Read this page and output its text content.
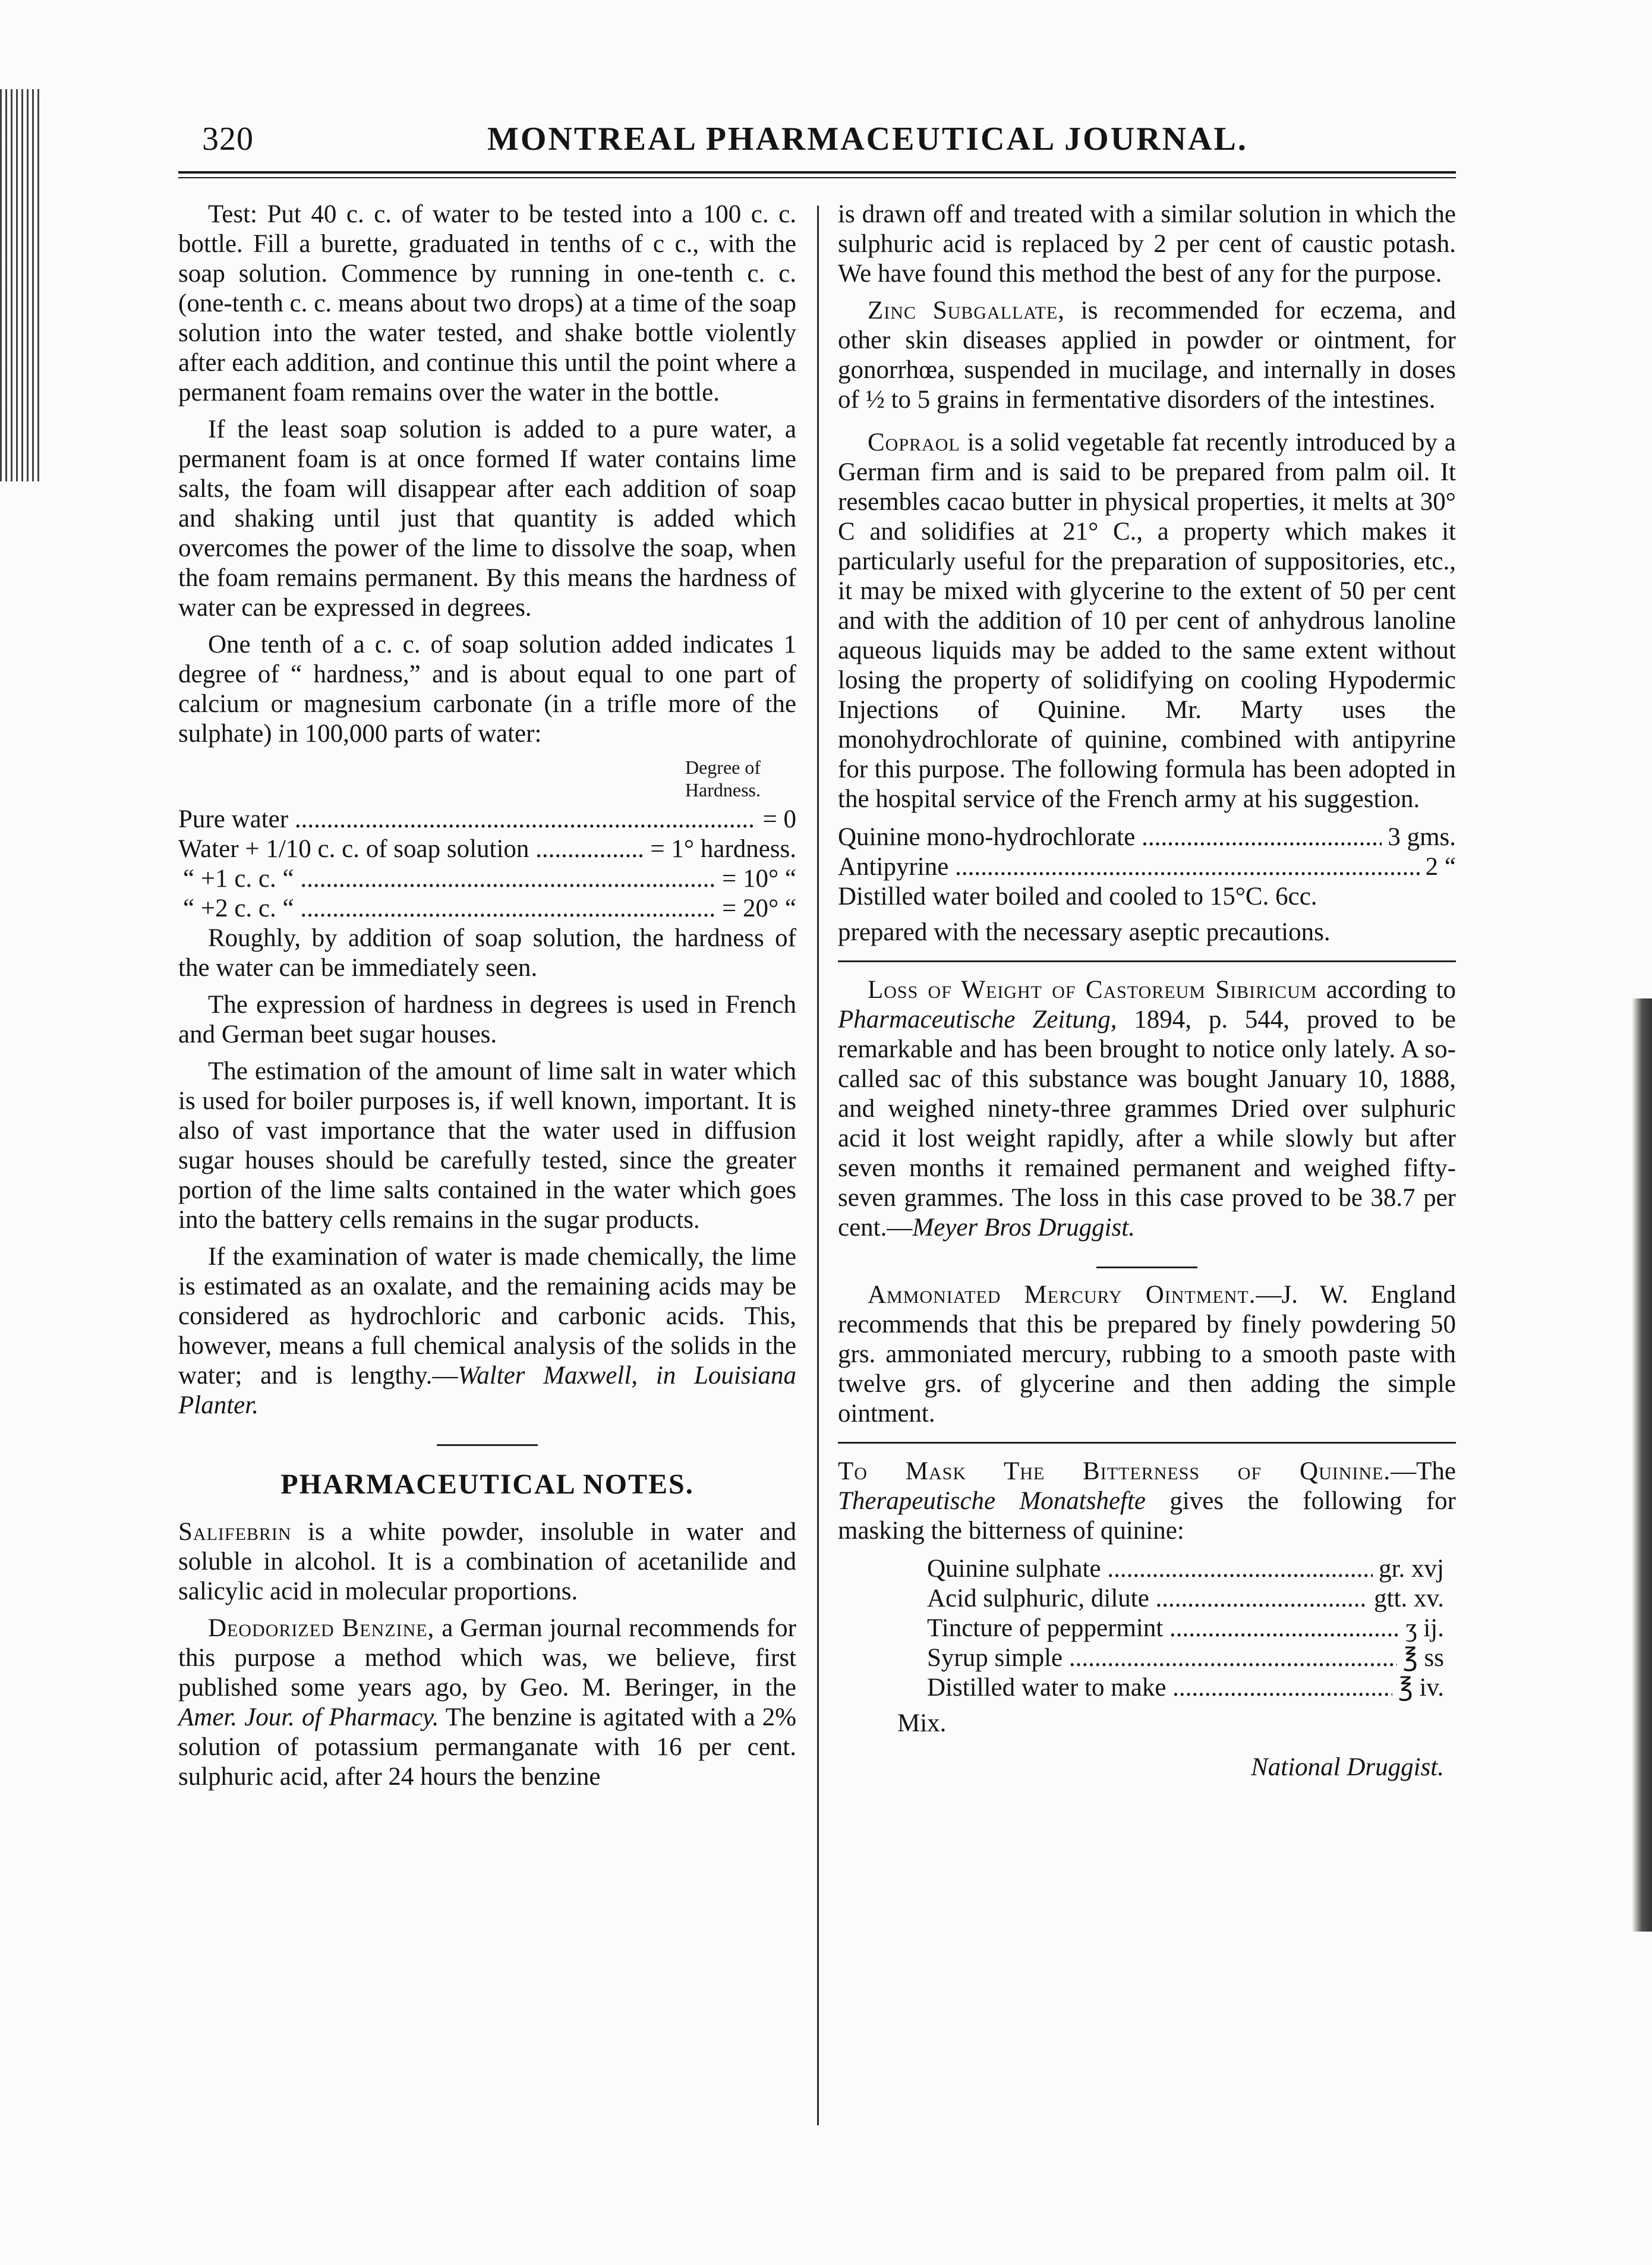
320	MONTREAL PHARMACEUTICAL JOURNAL.

Test: Put 40 c. c. of water to be tested into a 100 c. c. bottle. Fill a burette, graduated in tenths of c c., with the soap solution. Commence by running in one-tenth c. c. (one-tenth c. c. means about two drops) at a time of the soap solution into the water tested, and shake bottle violently after each addition, and continue this until the point where a permanent foam remains over the water in the bottle.

If the least soap solution is added to a pure water, a permanent foam is at once formed If water contains lime salts, the foam will disappear after each addition of soap and shaking until just that quantity is added which overcomes the power of the lime to dissolve the soap, when the foam remains permanent. By this means the hardness of water can be expressed in degrees.

One tenth of a c. c. of soap solution added indicates 1 degree of “ hardness,” and is about equal to one part of calcium or magnesium carbonate (in a trifle more of the sulphate) in 100,000 parts of water:

Degree of
Hardness.
Pure water .....	= 0
Water + 1/10 c. c. of soap solution .....	= 1° hardness.
“ +1 c. c. “ .....	= 10° “
“ +2 c. c. “ .....	= 20° “

Roughly, by addition of soap solution, the hardness of the water can be immediately seen.

The expression of hardness in degrees is used in French and German beet sugar houses.

The estimation of the amount of lime salt in water which is used for boiler purposes is, if well known, important. It is also of vast importance that the water used in diffusion sugar houses should be carefully tested, since the greater portion of the lime salts contained in the water which goes into the battery cells remains in the sugar products.

If the examination of water is made chemically, the lime is estimated as an oxalate, and the remaining acids may be considered as hydrochloric and carbonic acids. This, however, means a full chemical analysis of the solids in the water; and is lengthy.—Walter Maxwell, in Louisiana Planter.

PHARMACEUTICAL NOTES.

Salifebrin is a white powder, insoluble in water and soluble in alcohol. It is a combination of acetanilide and salicylic acid in molecular proportions.

Deodorized Benzine, a German journal recommends for this purpose a method which was, we believe, first published some years ago, by Geo. M. Beringer, in the Amer. Jour. of Pharmacy. The benzine is agitated with a 2% solution of potassium permanganate with 16 per cent. sulphuric acid, after 24 hours the benzine

is drawn off and treated with a similar solution in which the sulphuric acid is replaced by 2 per cent of caustic potash. We have found this method the best of any for the purpose.

Zinc Subgallate, is recommended for eczema, and other skin diseases applied in powder or ointment, for gonorrhœa, suspended in mucilage, and internally in doses of ½ to 5 grains in fermentative disorders of the intestines.

Copraol is a solid vegetable fat recently introduced by a German firm and is said to be prepared from palm oil. It resembles cacao butter in physical properties, it melts at 30° C and solidifies at 21° C., a property which makes it particularly useful for the preparation of suppositories, etc., it may be mixed with glycerine to the extent of 50 per cent and with the addition of 10 per cent of anhydrous lanoline aqueous liquids may be added to the same extent without losing the property of solidifying on cooling Hypodermic Injections of Quinine. Mr. Marty uses the monohydrochlorate of quinine, combined with antipyrine for this purpose. The following formula has been adopted in the hospital service of the French army at his suggestion.

Quinine mono-hydrochlorate .....	3 gms.
Antipyrine .....	2 “
Distilled water boiled and cooled to 15°C. 6cc.

prepared with the necessary aseptic precautions.

Loss of Weight of Castoreum Sibiricum according to Pharmaceutische Zeitung, 1894, p. 544, proved to be remarkable and has been brought to notice only lately. A so-called sac of this substance was bought January 10, 1888, and weighed ninety-three grammes Dried over sulphuric acid it lost weight rapidly, after a while slowly but after seven months it remained permanent and weighed fifty-seven grammes. The loss in this case proved to be 38.7 per cent.—Meyer Bros Druggist.

Ammoniated Mercury Ointment.—J. W. England recommends that this be prepared by finely powdering 50 grs. ammoniated mercury, rubbing to a smooth paste with twelve grs. of glycerine and then adding the simple ointment.

To Mask The Bitterness of Quinine.—The Therapeutische Monatshefte gives the following for masking the bitterness of quinine:

Quinine sulphate .....	gr. xvj
Acid sulphuric, dilute .....	gtt. xv.
Tincture of peppermint .....	ʒ ij.
Syrup simple .....	℥ ss
Distilled water to make .....	℥ iv.
Mix.
National Druggist.
